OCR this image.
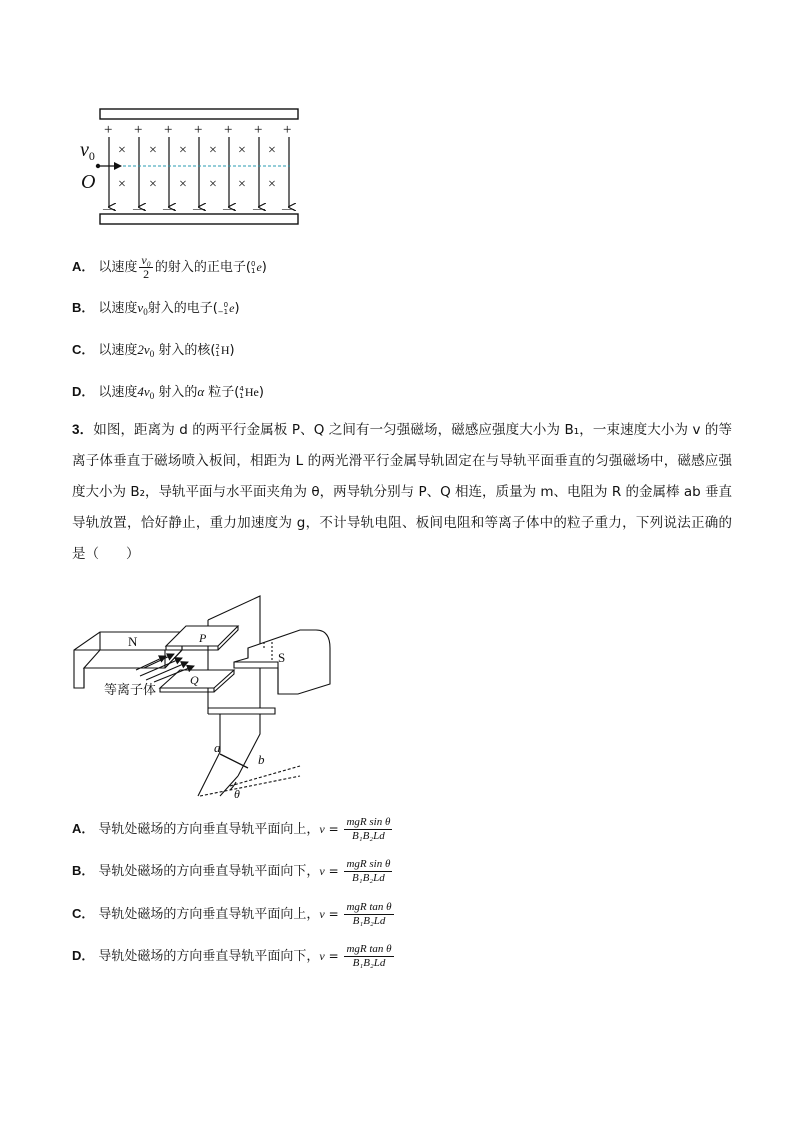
+ + + + + + +
— — — — — — —
× × × × × ×
× × × × × ×
$v_0$
O
A． 以速度 $\frac{\text{v₀}}{2}$ 的射入的正电子(0
1e)
B． 以速度$v_0$射入的电子( 0
−1e)
C． 以速度$2v_0$ 射入的核(2
1H)
D． 以速度$4v_0$ 射入的α 粒子(4
1He)
3．如图，距离为 d 的两平行金属板 P、Q 之间有一匀强磁场，磁感应强度大小为 B₁，一束速度大小为 v 的等离子体垂直于磁场喷入板间，相距为 L 的两光滑平行金属导轨固定在与导轨平面垂直的匀强磁场中，磁感应强度大小为 B₂，导轨平面与水平面夹角为 θ，两导轨分别与 P、Q 相连，质量为 m、电阻为 R 的金属棒 ab 垂直导轨放置，恰好静止，重力加速度为 g，不计导轨电阻、板间电阻和等离子体中的粒子重力，下列说法正确的是（　　）
N
S
P
Q
等离子体
a
b
θ
A． 导轨处磁场的方向垂直导轨平面向上，$v = \frac{\text{mgR sin θ}}{\text{B₁B₂Ld}}$
B． 导轨处磁场的方向垂直导轨平面向下，$v = \frac{\text{mgR sin θ}}{\text{B₁B₂Ld}}$
C． 导轨处磁场的方向垂直导轨平面向上，$v = \frac{\text{mgR tan θ}}{\text{B₁B₂Ld}}$
D． 导轨处磁场的方向垂直导轨平面向下，$v = \frac{\text{mgR tan θ}}{\text{B₁B₂Ld}}$
